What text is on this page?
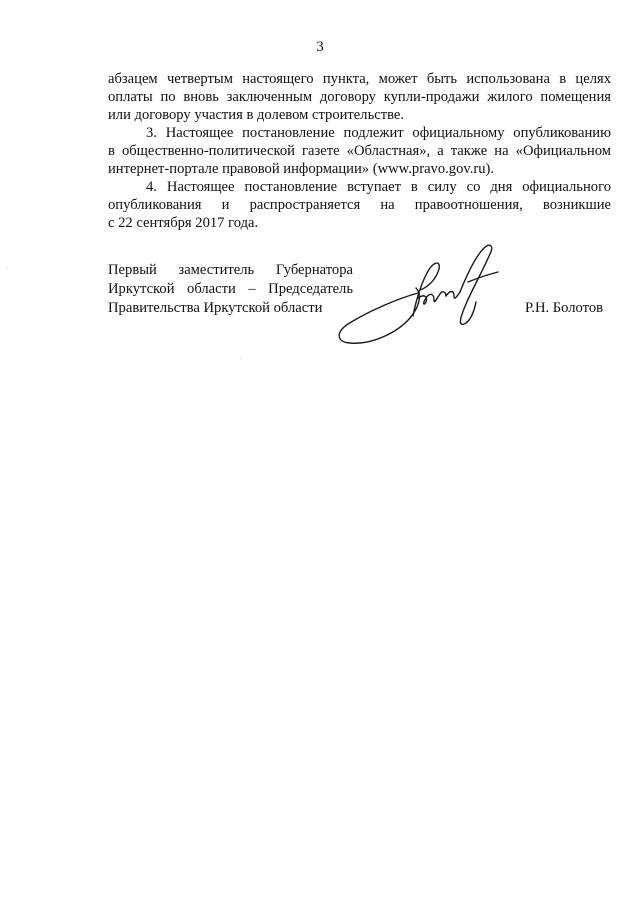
3

абзацем четвертым настоящего пункта, может быть использована в целях
оплаты по вновь заключенным договору купли-продажи жилого помещения
или договору участия в долевом строительстве.

3. Настоящее постановление подлежит официальному опубликованию
в общественно-политической газете «Областная», а также на «Официальном
интернет-портале правовой информации» (www.pravo.gov.ru).

4. Настоящее постановление вступает в силу со дня официального
опубликования и распространяется на правоотношения, возникшие
с 22 сентября 2017 года.

Первый заместитель Губернатора
Иркутской области – Председатель
Правительства Иркутской области	Р.Н. Болотов
